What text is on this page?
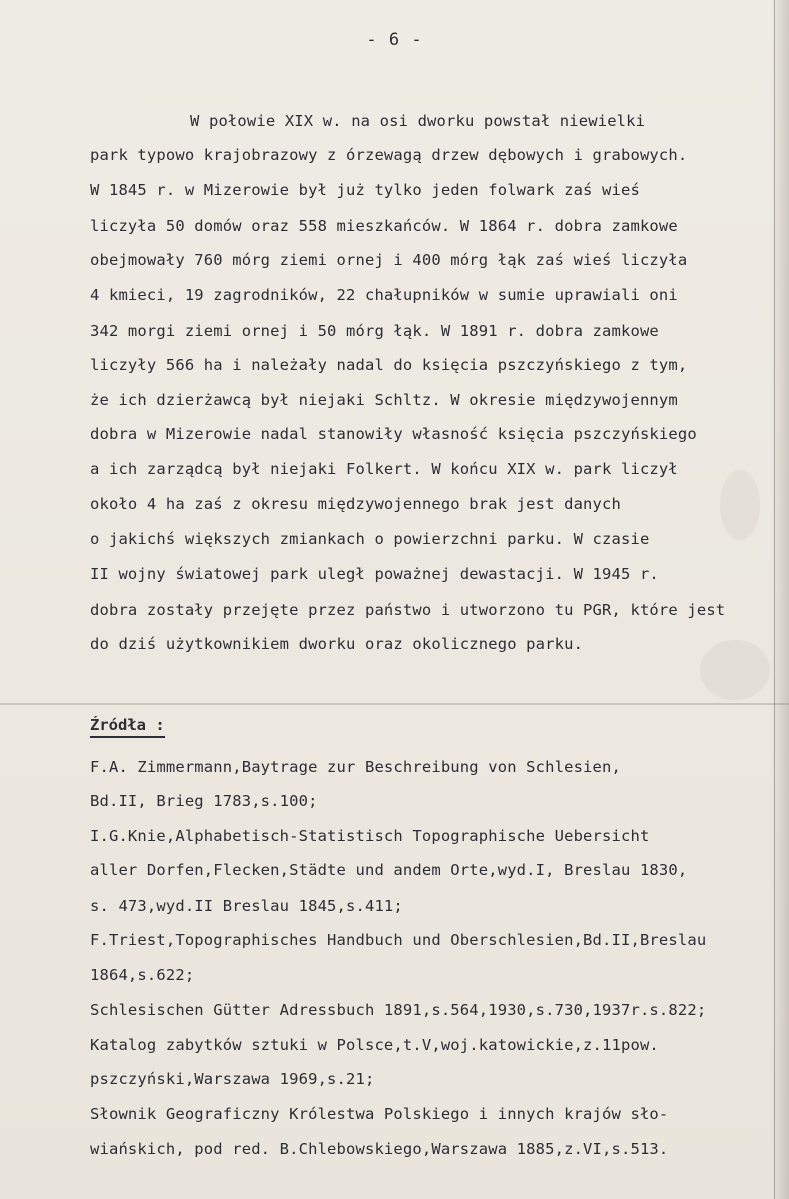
- 6 -
W połowie XIX w. na osi dworku powstał niewielki
park typowo krajobrazowy z órzewagą drzew dębowych i grabowych.
W 1845 r. w Mizerowie był już tylko jeden folwark zaś wieś
liczyła 50 domów oraz 558 mieszkańców. W 1864 r. dobra zamkowe
obejmowały 760 mórg ziemi ornej i 400 mórg łąk zaś wieś liczyła
4 kmieci, 19 zagrodników, 22 chałupników w sumie uprawiali oni
342 morgi ziemi ornej i 50 mórg łąk. W 1891 r. dobra zamkowe
liczyły 566 ha i należały nadal do księcia pszczyńskiego z tym,
że ich dzierżawcą był niejaki Schltz. W okresie międzywojennym
dobra w Mizerowie nadal stanowiły własność księcia pszczyńskiego
a ich zarządcą był niejaki Folkert. W końcu XIX w. park liczył
około 4 ha zaś z okresu międzywojennego brak jest danych
o jakichś większych zmiankach o powierzchni parku. W czasie
II wojny światowej park uległ poważnej dewastacji. W 1945 r.
dobra zostały przejęte przez państwo i utworzono tu PGR, które jest
do dziś użytkownikiem dworku oraz okolicznego parku.
Źródła :
F.A. Zimmermann,Baytrage zur Beschreibung von Schlesien,
Bd.II, Brieg 1783,s.100;
I.G.Knie,Alphabetisch-Statistisch Topographische Uebersicht
aller Dorfen,Flecken,Städte und andem Orte,wyd.I, Breslau 1830,
s. 473,wyd.II Breslau 1845,s.411;
F.Triest,Topographisches Handbuch und Oberschlesien,Bd.II,Breslau
1864,s.622;
Schlesischen Gütter Adressbuch 1891,s.564,1930,s.730,1937r.s.822;
Katalog zabytków sztuki w Polsce,t.V,woj.katowickie,z.11pow.
pszczyński,Warszawa 1969,s.21;
Słownik Geograficzny Królestwa Polskiego i innych krajów sło-
wiańskich, pod red. B.Chlebowskiego,Warszawa 1885,z.VI,s.513.
